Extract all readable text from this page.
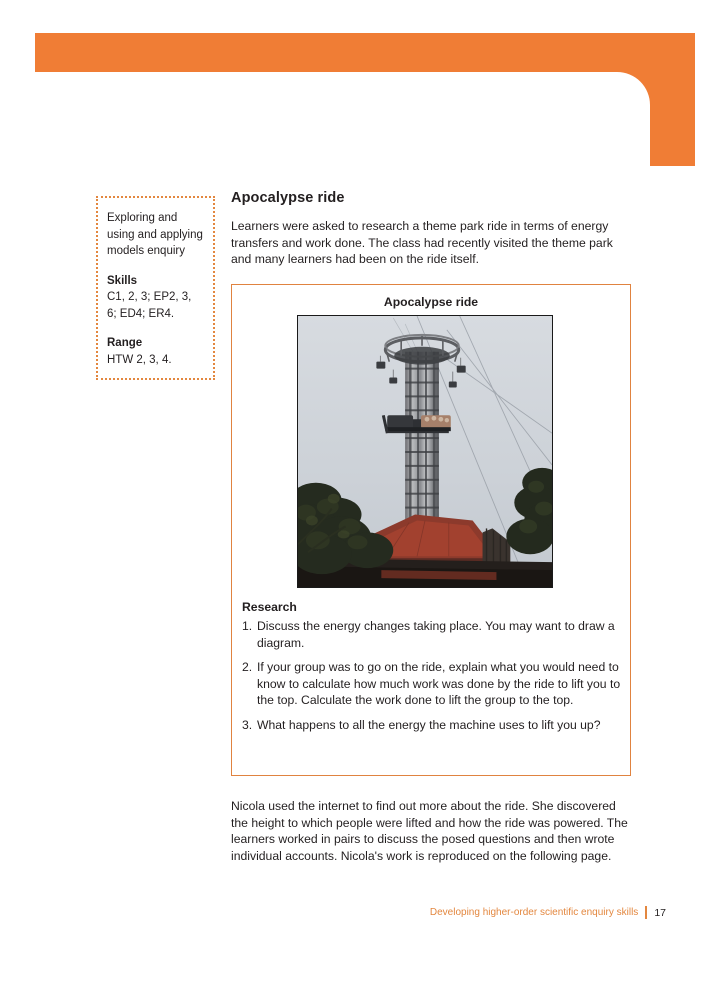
Exploring and using and applying models enquiry

Skills

C1, 2, 3; EP2, 3, 6; ED4; ER4.

Range

HTW 2, 3, 4.

Apocalypse ride

Learners were asked to research a theme park ride in terms of energy transfers and work done. The class had recently visited the theme park and many learners had been on the ride itself.

Apocalypse ride
Research
1. Discuss the energy changes taking place. You may want to draw a diagram.
2. If your group was to go on the ride, explain what you would need to know to calculate how much work was done by the ride to lift you to the top. Calculate the work done to lift the group to the top.
3. What happens to all the energy the machine uses to lift you up?

Nicola used the internet to find out more about the ride. She discovered the height to which people were lifted and how the ride was powered. The learners worked in pairs to discuss the posed questions and then wrote individual accounts. Nicola's work is reproduced on the following page.

Developing higher-order scientific enquiry skills 17
